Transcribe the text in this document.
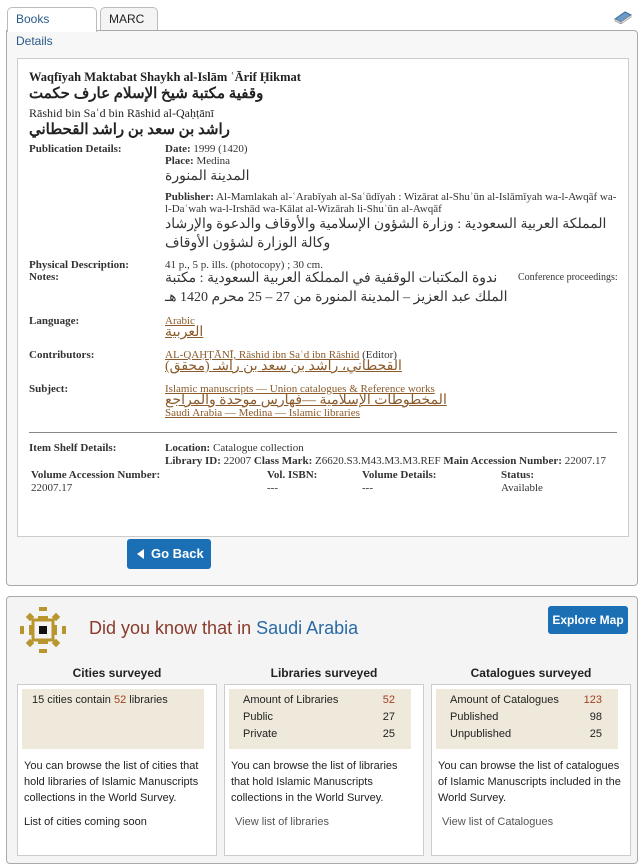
Books Details
MARC
Waqfīyah Maktabat Shaykh al-Islām ʿĀrif Ḥikmat
وقفية مكتبة شيخ الإسلام عارف حكمت
Rāshid bin Saʿd bin Rāshid al-Qaḥṭānī
راشد بن سعد بن راشد القحطاني
Publication Details:	Date: 1999 (1420)
Place: Medina
المدينة المنورة
Publisher: Al-Mamlakah al-ʿArabīyah al-Saʿūdīyah : Wizārat al-Shuʾūn al-Islāmīyah wa-l-Awqāf wa-l-Daʿwah wa-l-Irshād wa-Kālat al-Wizārah li-Shuʾūn al-Awqāf
المملكة العربية السعودية : وزارة الشؤون الإسلامية والأوقاف والدعوة والإرشاد وكالة الوزارة لشؤون الأوقاف
Physical Description:	41 p., 5 p. ills. (photocopy) ; 30 cm.
Notes:	Conference proceedings:
ندوة المكتبات الوقفية في المملكة العربية السعودية : مكتبة الملك عبد العزيز – المدينة المنورة من 27 – 25 محرم 1420 هـ
Language:	Arabic
العربية
Contributors:	AL-QAḤṬĀNĪ, Rāshid ibn Saʿd ibn Rāshid (Editor)
القحطاني، راشد بن سعد بن راشـ (محقق)
Subject:	Islamic manuscripts — Union catalogues & Reference works
المخطوطات الإسلامية —فهارس موحدة والمراجع
Saudi Arabia — Medina — Islamic libraries
Item Shelf Details:	Location: Catalogue collection
Library ID: 22007 Class Mark: Z6620.S3.M43.M3.M3.REF Main Accession Number: 22007.17
Volume Accession Number:
22007.17
Vol. ISBN:
---
Volume Details:
---
Status:
Available
Go Back
Did you know that in Saudi Arabia	Explore Map
Cities surveyed
15 cities contain 52 libraries
You can browse the list of cities that hold libraries of Islamic Manuscripts collections in the World Survey.
List of cities coming soon
Libraries surveyed
Amount of Libraries	52
Public	27
Private	25
You can browse the list of libraries that hold Islamic Manuscripts collections in the World Survey.
View list of libraries
Catalogues surveyed
Amount of Catalogues 123
Published	98
Unpublished	25
You can browse the list of catalogues of Islamic Manuscripts included in the World Survey.
View list of Catalogues
